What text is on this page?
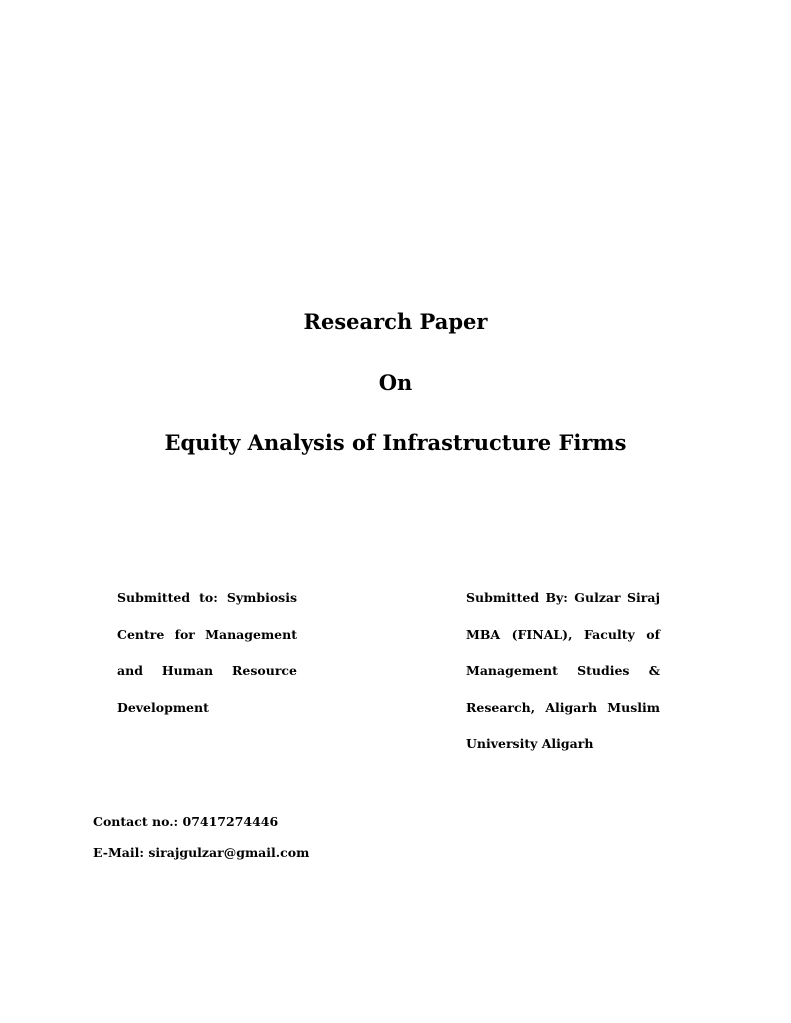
Research Paper
On
Equity Analysis of Infrastructure Firms
Submitted to: Symbiosis
Centre for Management
and Human Resource
Development
Submitted By: Gulzar Siraj
MBA (FINAL), Faculty of
Management Studies &
Research, Aligarh Muslim
University Aligarh
Contact no.: 07417274446
E-Mail: sirajgulzar@gmail.com
